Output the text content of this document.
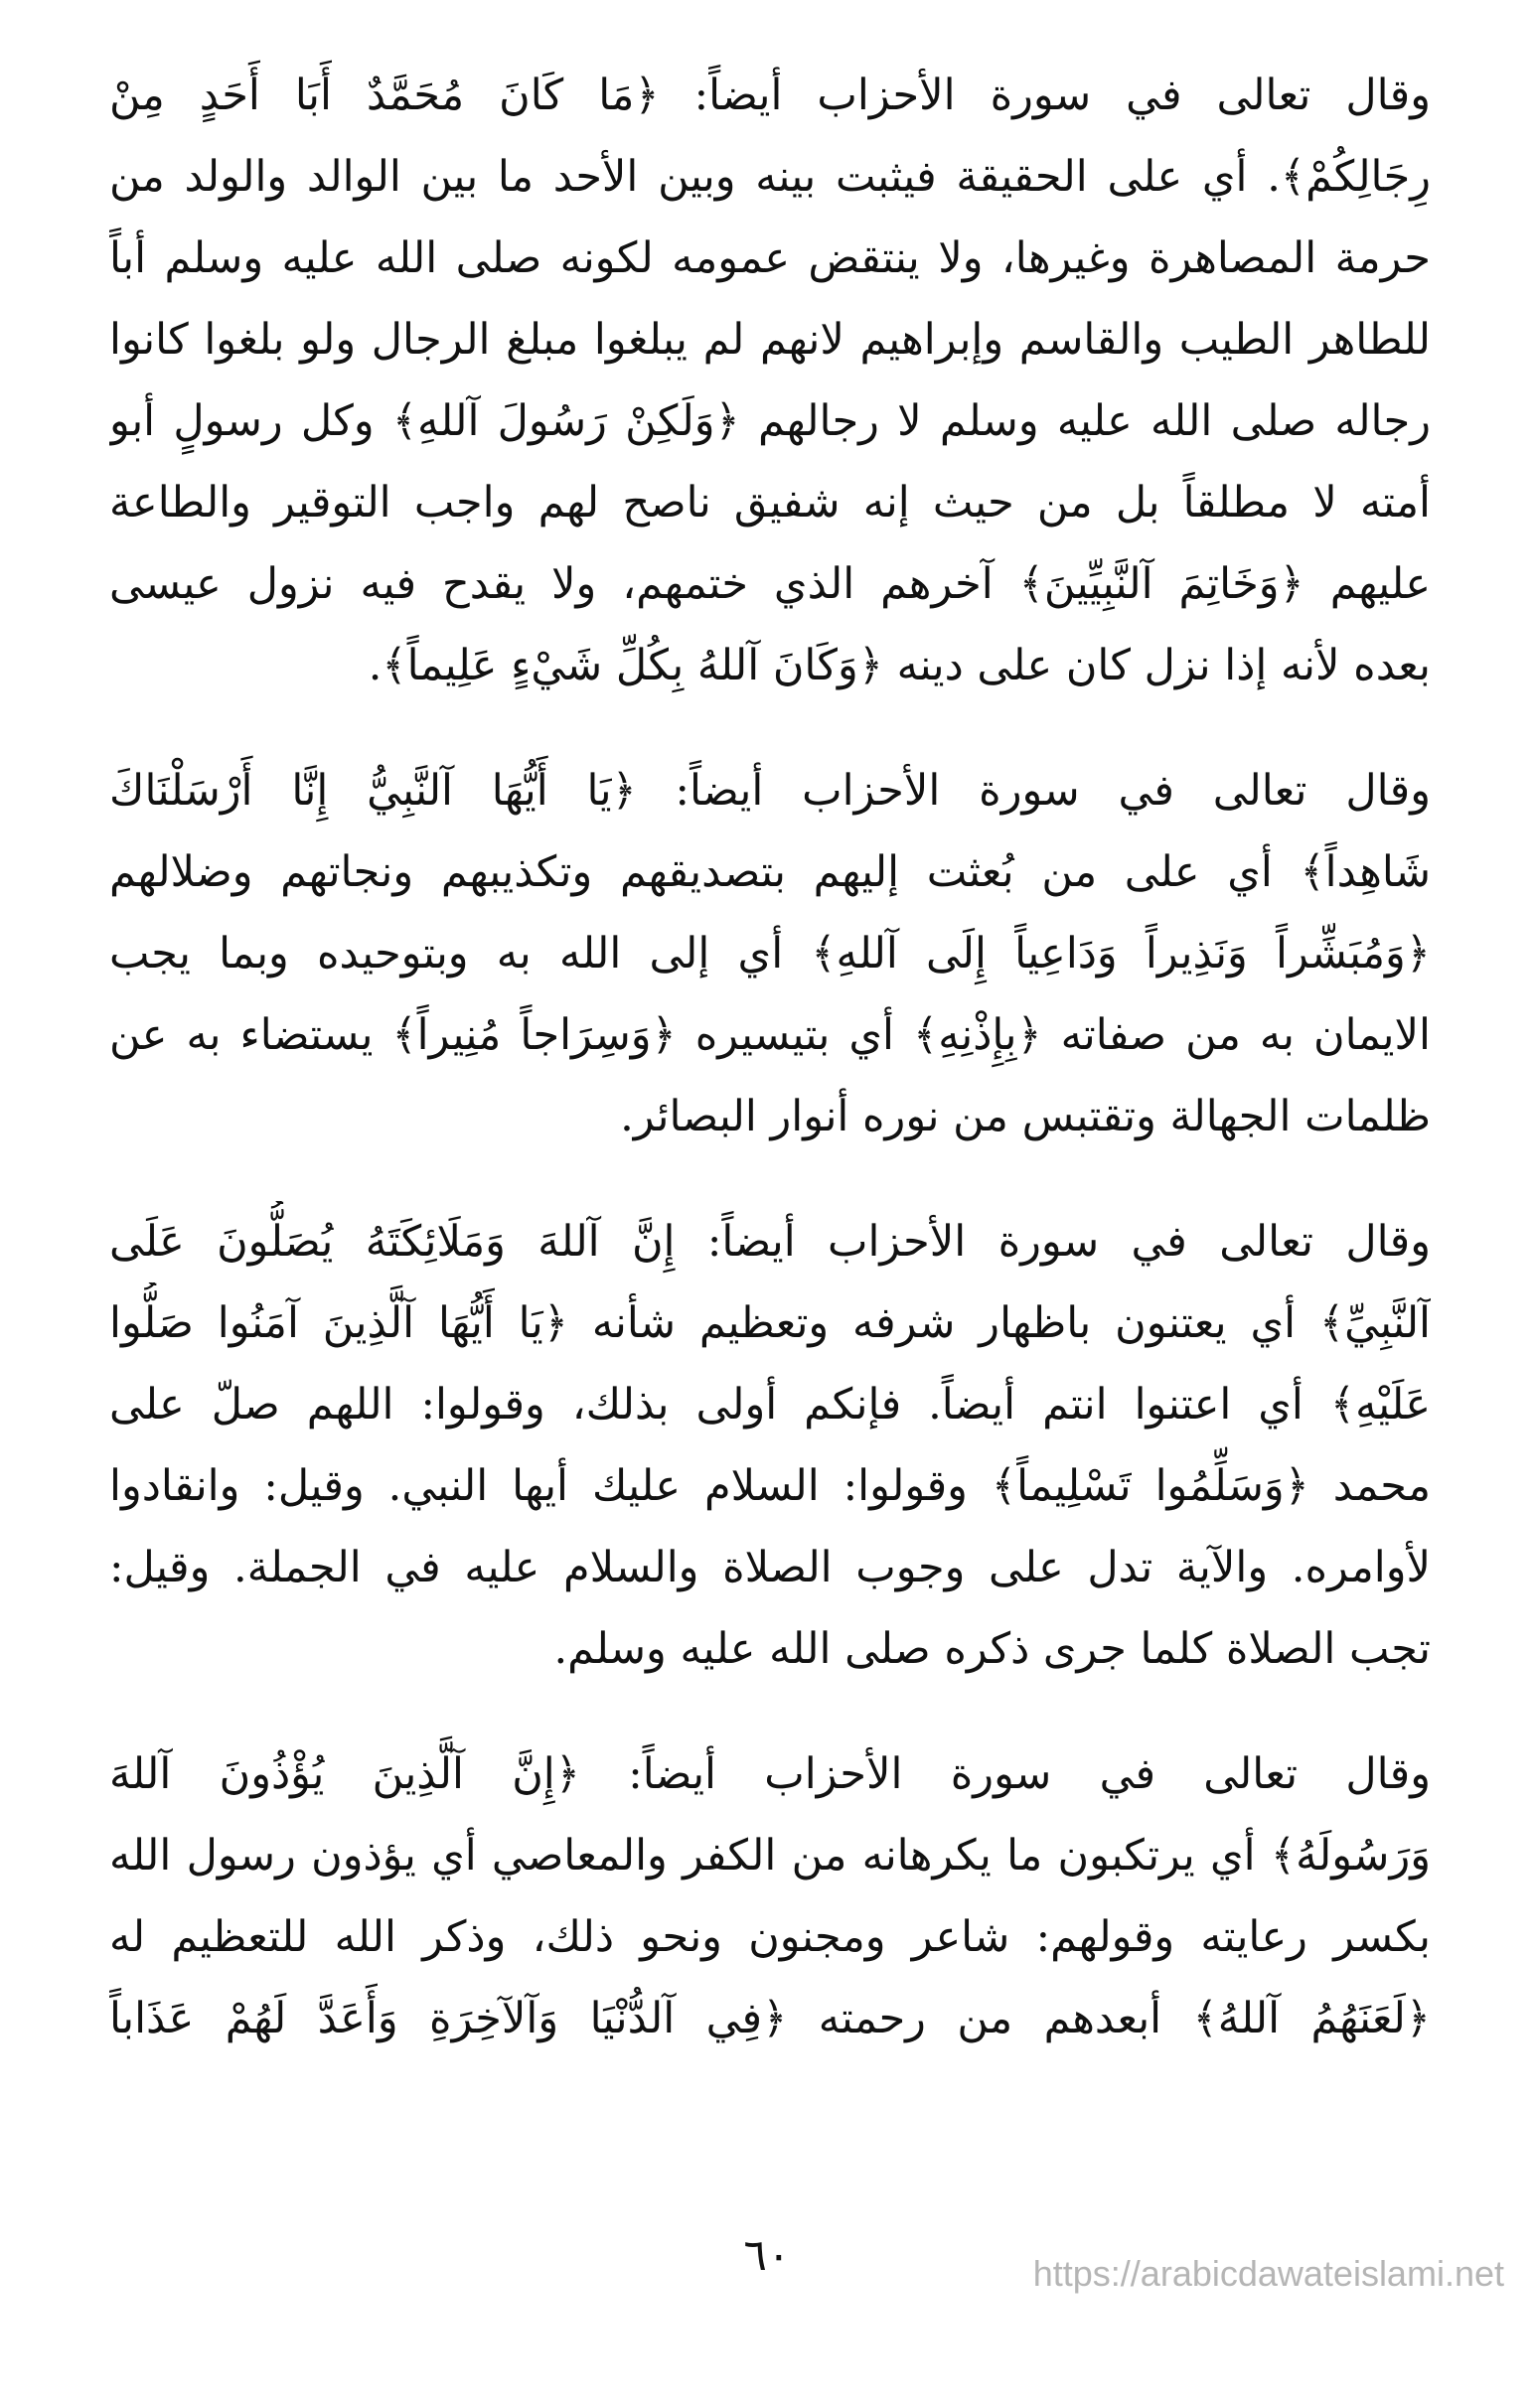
وقال تعالى في سورة الأحزاب أيضاً: ﴿مَا كَانَ مُحَمَّدٌ أَبَا أَحَدٍ مِنْ
رِجَالِكُمْ﴾. أي على الحقيقة فيثبت بينه وبين الأحد ما بين الوالد والولد من
حرمة المصاهرة وغيرها، ولا ينتقض عمومه لكونه صلى الله عليه وسلم أباً
للطاهر الطيب والقاسم وإبراهيم لانهم لم يبلغوا مبلغ الرجال ولو بلغوا كانوا
رجاله صلى الله عليه وسلم لا رجالهم ﴿وَلَكِنْ رَسُولَ آللهِ﴾ وكل رسولٍ أبو
أمته لا مطلقاً بل من حيث إنه شفيق ناصح لهم واجب التوقير والطاعة
عليهم ﴿وَخَاتِمَ آلنَّبِيِّينَ﴾ آخرهم الذي ختمهم، ولا يقدح فيه نزول عيسى
بعده لأنه إذا نزل كان على دينه ﴿وَكَانَ آللهُ بِكُلِّ شَيْءٍ عَلِيماً﴾.
وقال تعالى في سورة الأحزاب أيضاً: ﴿يَا أَيُّهَا آلنَّبِيُّ إِنَّا أَرْسَلْنَاكَ
شَاهِداً﴾ أي على من بُعثت إليهم بتصديقهم وتكذيبهم ونجاتهم وضلالهم
﴿وَمُبَشِّراً وَنَذِيراً وَدَاعِياً إِلَى آللهِ﴾ أي إلى الله به وبتوحيده وبما يجب
الايمان به من صفاته ﴿بِإِذْنِهِ﴾ أي بتيسيره ﴿وَسِرَاجاً مُنِيراً﴾ يستضاء به عن
ظلمات الجهالة وتقتبس من نوره أنوار البصائر.
وقال تعالى في سورة الأحزاب أيضاً: إِنَّ آللهَ وَمَلَائِكَتَهُ يُصَلُّونَ عَلَى
آلنَّبِيِّ﴾ أي يعتنون باظهار شرفه وتعظيم شأنه ﴿يَا أَيُّهَا آلَّذِينَ آمَنُوا صَلُّوا
عَلَيْهِ﴾ أي اعتنوا انتم أيضاً. فإنكم أولى بذلك، وقولوا: اللهم صلّ على
محمد ﴿وَسَلِّمُوا تَسْلِيماً﴾ وقولوا: السلام عليك أيها النبي. وقيل: وانقادوا
لأوامره. والآية تدل على وجوب الصلاة والسلام عليه في الجملة. وقيل:
تجب الصلاة كلما جرى ذكره صلى الله عليه وسلم.
وقال تعالى في سورة الأحزاب أيضاً: ﴿إِنَّ آلَّذِينَ يُؤْذُونَ آللهَ
وَرَسُولَهُ﴾ أي يرتكبون ما يكرهانه من الكفر والمعاصي أي يؤذون رسول الله
بكسر رعايته وقولهم: شاعر ومجنون ونحو ذلك، وذكر الله للتعظيم له
﴿لَعَنَهُمُ آللهُ﴾ أبعدهم من رحمته ﴿فِي آلدُّنْيَا وَآلآخِرَةِ وَأَعَدَّ لَهُمْ عَذَاباً
٦٠	https://arabicdawateislami.net
